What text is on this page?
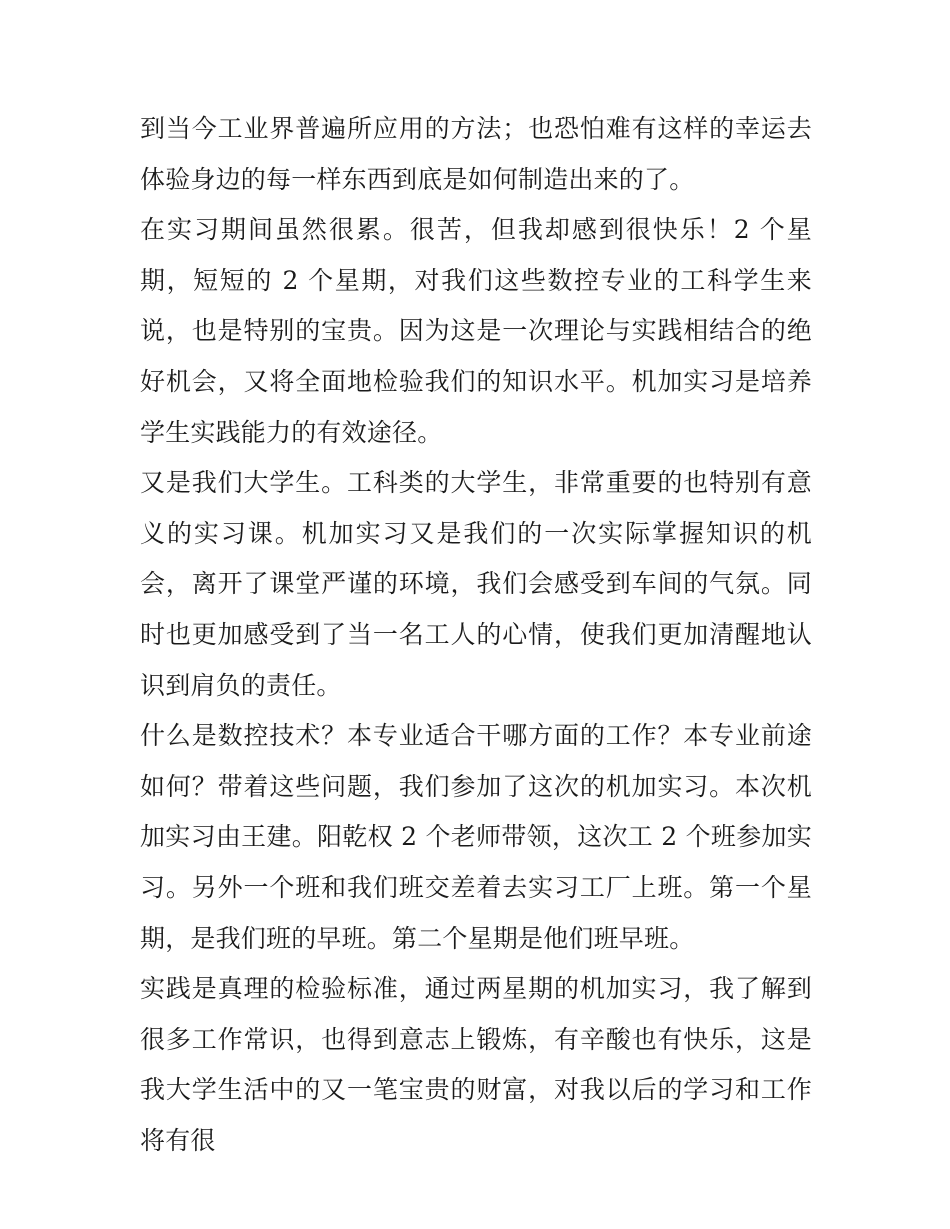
到当今工业界普遍所应用的方法；也恐怕难有这样的幸运去体验身边的每一样东西到底是如何制造出来的了。

在实习期间虽然很累。很苦，但我却感到很快乐！2 个星期，短短的 2 个星期，对我们这些数控专业的工科学生来说，也是特别的宝贵。因为这是一次理论与实践相结合的绝好机会，又将全面地检验我们的知识水平。机加实习是培养学生实践能力的有效途径。

又是我们大学生。工科类的大学生，非常重要的也特别有意义的实习课。机加实习又是我们的一次实际掌握知识的机会，离开了课堂严谨的环境，我们会感受到车间的气氛。同时也更加感受到了当一名工人的心情，使我们更加清醒地认识到肩负的责任。

什么是数控技术？本专业适合干哪方面的工作？本专业前途如何？带着这些问题，我们参加了这次的机加实习。本次机加实习由王建。阳乾权 2 个老师带领，这次工 2 个班参加实习。另外一个班和我们班交差着去实习工厂上班。第一个星期，是我们班的早班。第二个星期是他们班早班。

实践是真理的检验标准，通过两星期的机加实习，我了解到很多工作常识，也得到意志上锻炼，有辛酸也有快乐，这是我大学生活中的又一笔宝贵的财富，对我以后的学习和工作将有很
